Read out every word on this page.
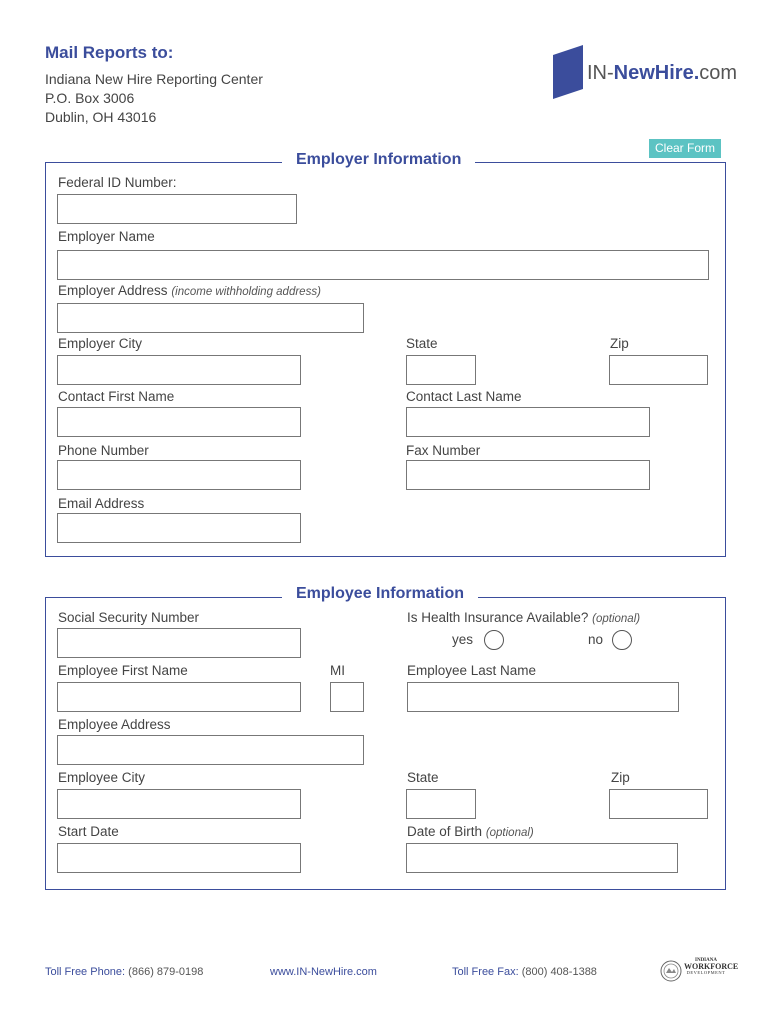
Mail Reports to:
Indiana New Hire Reporting Center
P.O. Box 3006
Dublin, OH 43016
IN-NewHire.com
Clear Form
Employer Information
Federal ID Number:
Employer Name
Employer Address (income withholding address)
Employer City	State	Zip
Contact First Name	Contact Last Name
Phone Number	Fax Number
Email Address
Employee Information
Social Security Number	Is Health Insurance Available? (optional)
yes	no
Employee First Name	MI	Employee Last Name
Employee Address
Employee City	State	Zip
Start Date	Date of Birth (optional)
Toll Free Phone: (866) 879-0198	www.IN-NewHire.com	Toll Free Fax: (800) 408-1388
INDIANA
WORKFORCE
DEVELOPMENT
